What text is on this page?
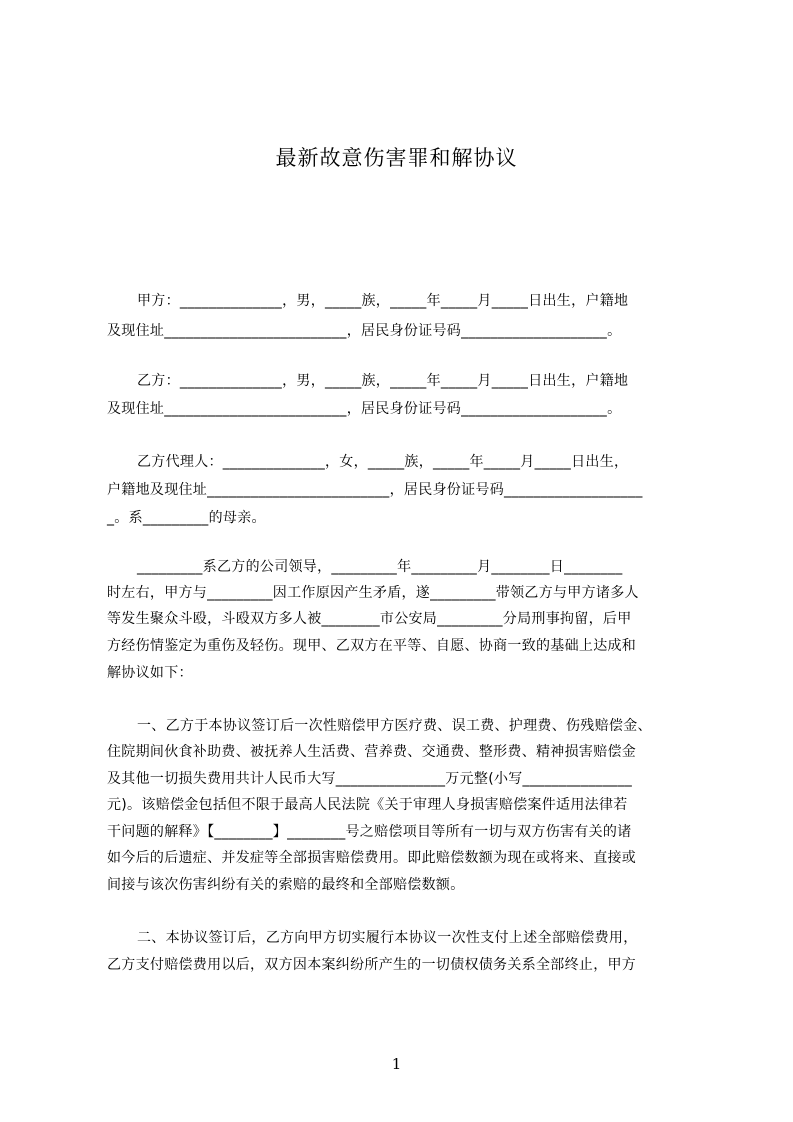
最新故意伤害罪和解协议
甲方：______________，男，_____族，_____年_____月_____日出生，户籍地
及现住址_________________________，居民身份证号码____________________。
乙方：______________，男，_____族，_____年_____月_____日出生，户籍地
及现住址_________________________，居民身份证号码____________________。
乙方代理人：______________，女，_____族，_____年_____月_____日出生，
户籍地及现住址_________________________，居民身份证号码___________________
_。系_________的母亲。
_________系乙方的公司领导，_________年_________月________日________
时左右，甲方与_________因工作原因产生矛盾，遂_________带领乙方与甲方诸多人
等发生聚众斗殴，斗殴双方多人被________市公安局_________分局刑事拘留，后甲
方经伤情鉴定为重伤及轻伤。现甲、乙双方在平等、自愿、协商一致的基础上达成和
解协议如下：
一、乙方于本协议签订后一次性赔偿甲方医疗费、误工费、护理费、伤残赔偿金、
住院期间伙食补助费、被抚养人生活费、营养费、交通费、整形费、精神损害赔偿金
及其他一切损失费用共计人民币大写_______________万元整(小写_______________
元)。该赔偿金包括但不限于最高人民法院《关于审理人身损害赔偿案件适用法律若
干问题的解释》【________】________号之赔偿项目等所有一切与双方伤害有关的诸
如今后的后遗症、并发症等全部损害赔偿费用。即此赔偿数额为现在或将来、直接或
间接与该次伤害纠纷有关的索赔的最终和全部赔偿数额。
二、本协议签订后，乙方向甲方切实履行本协议一次性支付上述全部赔偿费用，
乙方支付赔偿费用以后，双方因本案纠纷所产生的一切债权债务关系全部终止，甲方
1
